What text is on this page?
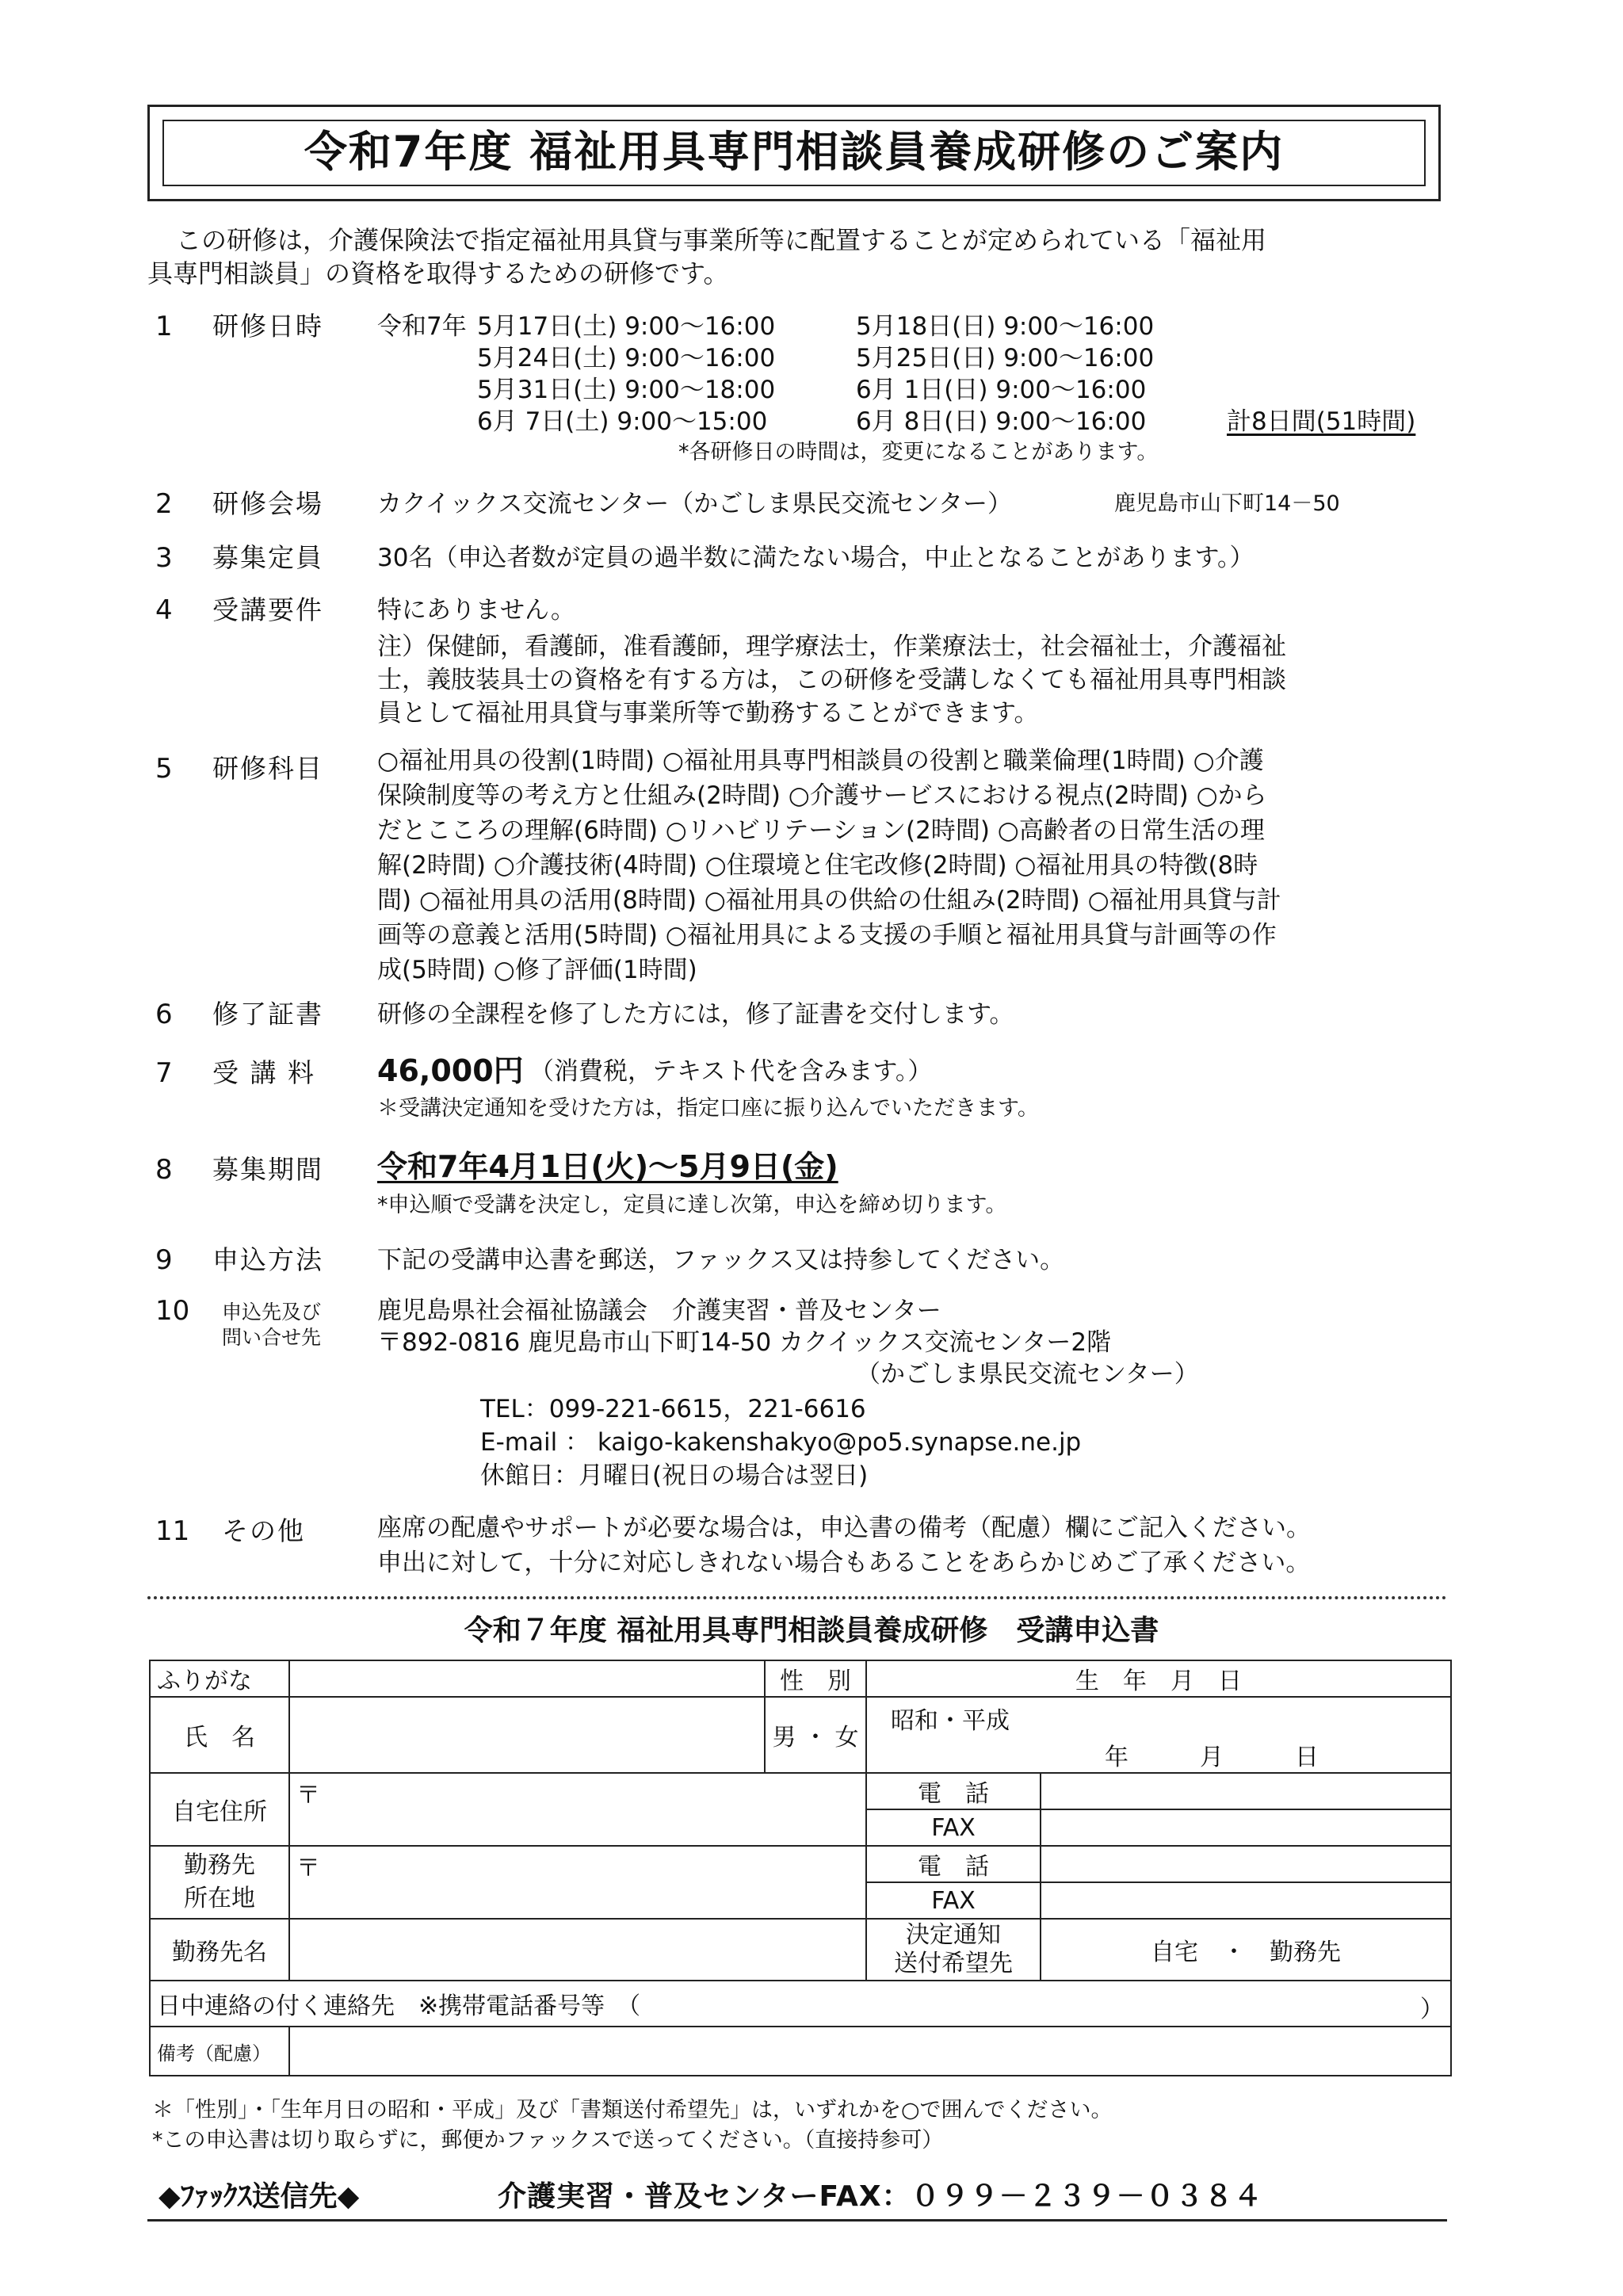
令和7年度 福祉用具専門相談員養成研修のご案内
この研修は，介護保険法で指定福祉用具貸与事業所等に配置することが定められている「福祉用
具専門相談員」の資格を取得するための研修です。
1 研修日時 令和7年 5月17日(土) 9:00～16:00	5月18日(日) 9:00～16:00
5月24日(土) 9:00～16:00	5月25日(日) 9:00～16:00
5月31日(土) 9:00～18:00	6月 1日(日) 9:00～16:00
6月 7日(土) 9:00～15:00	6月 8日(日) 9:00～16:00	計8日間(51時間)
*各研修日の時間は，変更になることがあります。
2 研修会場 カクイックス交流センター（かごしま県民交流センター）	鹿児島市山下町14－50
3 募集定員 30名（申込者数が定員の過半数に満たない場合，中止となることがあります。）
4 受講要件 特にありません。
注）保健師，看護師，准看護師，理学療法士，作業療法士，社会福祉士，介護福祉
士，義肢装具士の資格を有する方は，この研修を受講しなくても福祉用具専門相談
員として福祉用具貸与事業所等で勤務することができます。
5 研修科目 ○福祉用具の役割(1時間) ○福祉用具専門相談員の役割と職業倫理(1時間) ○介護
保険制度等の考え方と仕組み(2時間) ○介護サービスにおける視点(2時間) ○から
だとこころの理解(6時間) ○リハビリテーション(2時間) ○高齢者の日常生活の理
解(2時間) ○介護技術(4時間) ○住環境と住宅改修(2時間) ○福祉用具の特徴(8時
間) ○福祉用具の活用(8時間) ○福祉用具の供給の仕組み(2時間) ○福祉用具貸与計
画等の意義と活用(5時間) ○福祉用具による支援の手順と福祉用具貸与計画等の作
成(5時間) ○修了評価(1時間)
6 修了証書 研修の全課程を修了した方には，修了証書を交付します。
7 受 講 料 46,000円 （消費税，テキスト代を含みます。）
＊受講決定通知を受けた方は，指定口座に振り込んでいただきます。
8 募集期間 令和7年4月1日(火)～5月9日(金)
*申込順で受講を決定し，定員に達し次第，申込を締め切ります。
9 申込方法 下記の受講申込書を郵送，ファックス又は持参してください。
10 申込先及び
問い合せ先
鹿児島県社会福祉協議会　介護実習・普及センター
〒892-0816 鹿児島市山下町14-50 カクイックス交流センター2階
（かごしま県民交流センター）
TEL：099-221-6615，221-6616
E-mail ： kaigo-kakenshakyo@po5.synapse.ne.jp
休館日：月曜日(祝日の場合は翌日)
11 その他	座席の配慮やサポートが必要な場合は，申込書の備考（配慮）欄にご記入ください。
申出に対して，十分に対応しきれない場合もあることをあらかじめご了承ください。
令和７年度 福祉用具専門相談員養成研修　受講申込書
ふりがな		性　別	生　年　月　日	
氏　名		男 ・ 女	昭和・平成
年　　　月　　　日	

自宅住所	〒		電　話	
			FAX	
勤務先
所在地	〒		電　話	
			FAX	
勤務先名			決定通知
送付希望先	自宅　・　勤務先
日中連絡の付く連絡先　※携帯電話番号等　（ ）				

備考（配慮）				
＊「性別」・「生年月日の昭和・平成」及び「書類送付希望先」は，いずれかを○で囲んでください。
*この申込書は切り取らずに，郵便かファックスで送ってください。（直接持参可）
◆ﾌｧｯｸｽ送信先◆	介護実習・普及センターFAX：０９９－２３９－０３８４
